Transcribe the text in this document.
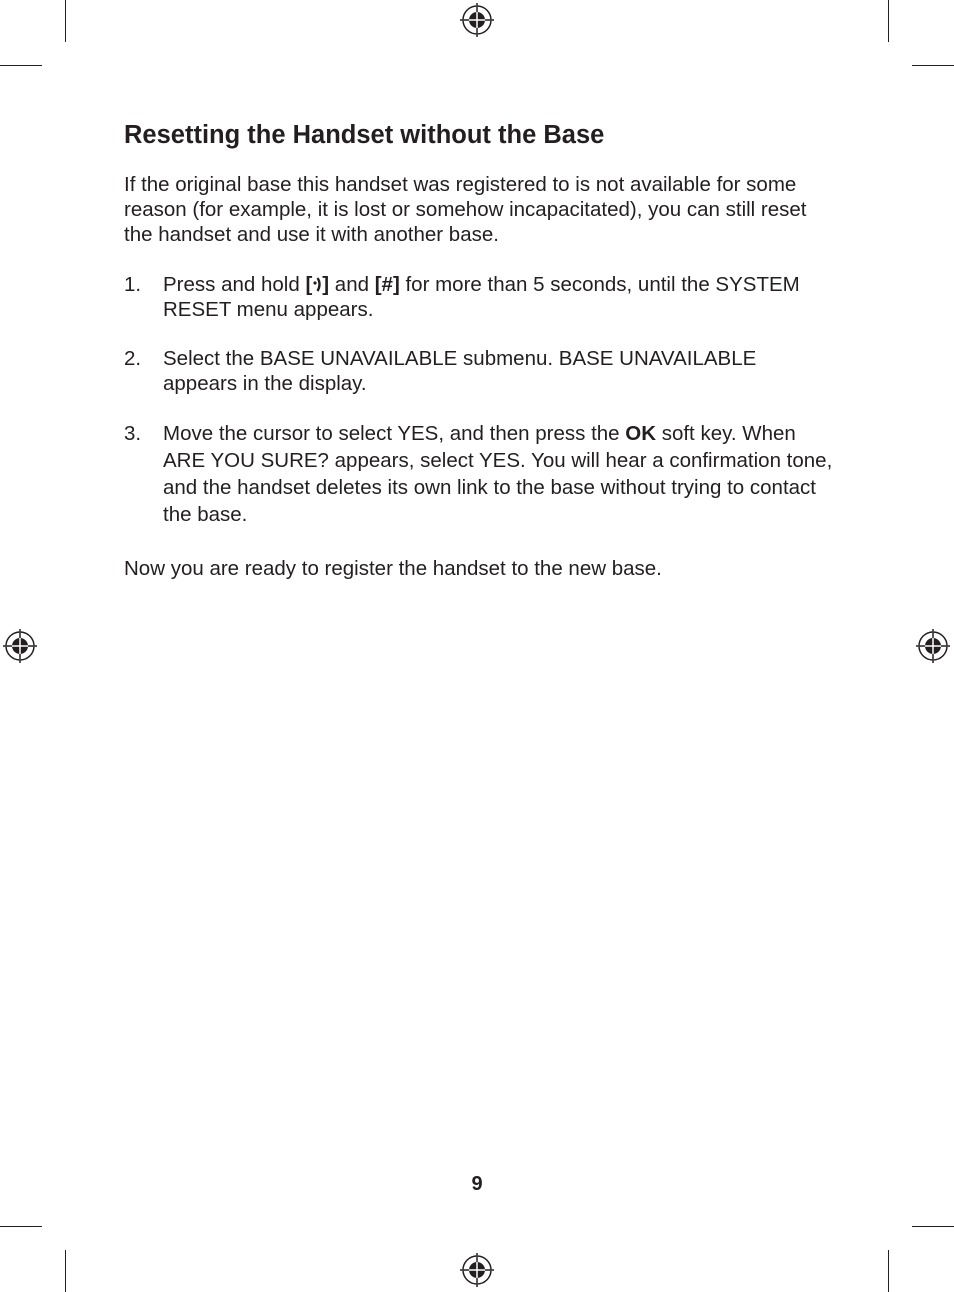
Resetting the Handset without the Base

If the original base this handset was registered to is not available for some reason (for example, it is lost or somehow incapacitated), you can still reset the handset and use it with another base.

1. Press and hold [ ] and [#] for more than 5 seconds, until the SYSTEM RESET menu appears.
2. Select the BASE UNAVAILABLE submenu. BASE UNAVAILABLE appears in the display.
3. Move the cursor to select YES, and then press the OK soft key. When ARE YOU SURE? appears, select YES. You will hear a confirmation tone, and the handset deletes its own link to the base without trying to contact the base.

Now you are ready to register the handset to the new base.

9
